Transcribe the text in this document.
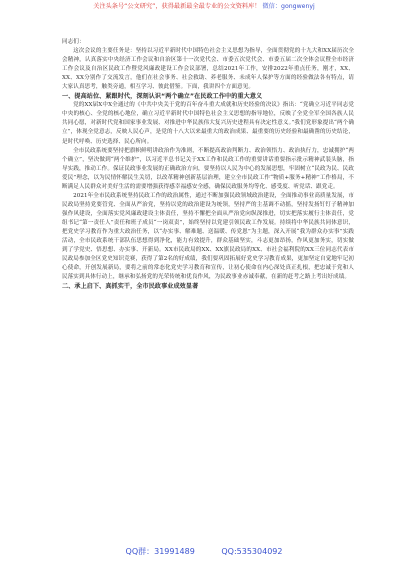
关注头条号“公文研究”，获得最新最全最专业的公文资料库！ 微信：gongwenyj

同志们：

这次会议的主要任务是：坚持以习近平新时代中国特色社会主义思想为指导，全面贯彻党的十九大和XX届历次全会精神，认真落实中央经济工作会议和自治区第十一次党代会、市委五次党代会、市委五届二次全体会议暨全市经济工作会议及自治区民政工作暨党风廉政建设工作会议部署，总结2021年工作，安排2022年重点任务，刚才，XX、XX、XX分别作了交流发言，他们在社会事务、社会救助、养老服务、未成年人保护等方面的经验做法各有特点，请大家认真思考，触类旁通，相互学习、彼此借鉴。下面，我讲四个方面意见。

一、提高站位、紧跟时代，深刻认识“两个确立”在民政工作中的重大意义

党的XX届X中X全通过的《中共中央关于党的百年奋斗重大成就和历史经验的决议》指出：“党确立习近平同志党中央的核心、全党的核心地位，确立习近平新时代中国特色社会主义思想的指导地位，反映了全党全军全国各族人民共同心愿，对新时代党和国家事业发展、对推进中华民族伟大复兴历史进程具有决定性意义。”我们党形象提出“两个确立”，体现全党意志，反映人民心声，是党的十八大以来最重大的政治成果、最重要的历史经验和最确凿的历史结论，是时代呼唤、历史选择、民心所向。

全市民政系统要坚持把旗帜鲜明讲政治作为准则，不断提高政治判断力、政治领悟力、政治执行力，忠诚拥护“两个确立”，坚决做到“两个维护”，以习近平总书记关于XX工作和民政工作的重要讲话重要指示批示精神武装头脑，指导实践，推动工作。保证民政事业发展的正确政治方向，要坚持以人民为中心的发展思想，牢固树立“民政为民、民政爱民”理念，以为民情怀解民生关切，以改革精神创新基层治理，建立全市民政工作“物质+服务+精神”工作格局，不断满足人民群众对美好生活的需要增强获得感幸福感安全感，确保民政服务均等化、感受度、听党话、跟党走。

2021年全市民政系统坚持民政工作的政治属性，通过不断加强民政领域政治建设，全面推动事业高质量发展，市民政局坚持党要管党、全面从严治党，坚持以党的政治建设为统领，坚持严的主基调不动摇，坚持发扬钉钉子精神加强作风建设，全面落实党风廉政建设主体责任，坚持不懈把全面从严治党向纵深推进，切实把落实履行主体责任，党组书记“第一责任人”责任和班子成员“一岗双责”，始终坚持以党建引领民政工作发展。持续将中华民族共同体意识，把党史学习教育作为重大政治任务，以“办实事、解难题、送温暖、传党恩”为主题，深入开展“我为群众办实事”实践活动，全市民政系统干部队伍思想得到净化，能力有效提升，群众基础坚实，斗志更加昂扬，作风更加务实，切实做到了学党史、悟思想、办实事、开新局。XX市民政局的XX、XX旗民政局的XX、市社会福利院的XX三位同志代表市民政局参加全区党史知识竞赛，获得了第2名的好成绩，我们要巩固拓展好党史学习教育成果，更加坚定自觉地牢记初心使命，开创发展新局，要将之前的常态化党史学习教育和宣传，让初心使命在内心深处真正扎根，把忠诚于党和人民落实到具体行动上，继承和弘扬党的光荣传统和优良作风，为民政事业赤诚奉献，在新的赶考之路上考出好成绩。

二、承上启下、真抓实干，全市民政事业成效显著

QQ群：31991489	QQ:535304092
